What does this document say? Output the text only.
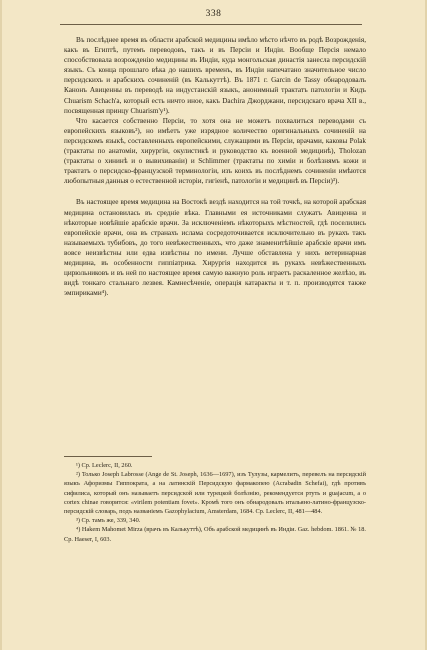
338

Въ послѣднее время въ области арабской медицины имѣло мѣсто нѣчто въ родѣ Возрожденія, какъ въ Египтѣ, путемъ переводовъ, такъ и въ Персіи и Индіи. Вообще Персія немало способствовала возрожденію медицины въ Индіи, куда монгольская династія занесла персидскій языкъ. Съ конца прошлаго вѣка до нашихъ временъ, въ Индіи напечатано значительное число персидскихъ и арабскихъ сочиненій (въ Калькуттѣ). Въ 1871 г. Garcin de Tassy обнародовалъ Канонъ Авиценны въ переводѣ на индустанскій языкъ, анонимный трактатъ патологіи и Кидъ Chuarism Schach'а, который есть ничто иное, какъ Dachira Джорджани, персидскаго врача XII в., посвященная принцу Chuarism'у¹).

Что касается собственно Персіи, то хотя она не можетъ похвалиться переводами съ европейскихъ языковъ²), но имѣетъ уже изрядное количество оригинальныхъ сочиненій на персидскомъ языкѣ, составленныхъ европейскими, служащими въ Персіи, врачами, каковы Polak (трактаты по анатоміи, хирургіи, окулистикѣ и руководство къ военной медицинѣ), Tholozan (трактаты о хининѣ и о вывихиваніи) и Schlimmer (трактаты по химіи и болѣзнямъ кожи и трактатъ о персидско-французской терминологіи, изъ коихъ въ послѣднемъ сочиненіи имѣются любопытныя данныя о естественной исторіи, гигіенѣ, патологіи и медицинѣ въ Персіи)³).

Въ настоящее время медицина на Востокѣ вездѣ находится на той точкѣ, на которой арабская медицина остановилась въ средніе вѣка. Главными ея источниками служатъ Авиценна и нѣкоторые новѣйшіе арабскіе врачи. За исключеніемъ нѣкоторыхъ мѣстностей, гдѣ поселились европейскіе врачи, она въ странахъ ислама сосредоточивается исключительно въ рукахъ такъ называемыхъ тубибовъ, до того невѣжественныхъ, что даже знаменитѣйшіе арабскіе врачи имъ вовсе неизвѣстны или едва извѣстны по имени. Лучше обставлена у нихъ ветеринарная медицина, въ особенности гиппіатрика. Хирургія находится въ рукахъ невѣжественныхъ цирюльниковъ и въ ней по настоящее время самую важную роль играетъ раскаленное желѣзо, въ видѣ тонкаго стальнаго лезвея. Камнесѣченіе, операція катаракты и т. п. производятся также эмпириками⁴).

¹) Cp. Leclerc, II, 260.

²) Только Joseph Labrosse (Ange de St. Joseph, 1636—1697), изъ Тулузы, кармелитъ, перевелъ на персидскій языкъ Афоризмы Гиппократа, а на латинскій Персидскую фармакопею (Acrabadin Schefai), гдѣ противъ сифилиса, который онъ называетъ персидской или турецкой болѣзнію, рекомендуется ртуть и guajacum, a о cortex chinae говорится: «virilem potentiam fovet». Кромѣ того онъ обнародовалъ итальяно-латино-французско-персидскій словарь, подъ названіемъ Gazophylacium, Amsterdam, 1684. Cp. Leclerc, II, 481—484.

³) Cp. тамъ же, 339, 340.

⁴) Hakem Mahomet Mirza (врачъ въ Калькуттѣ), Объ арабской медицинѣ въ Индіи. Gaz. hebdom. 1861. № 18. Cp. Haeser, I, 603.
